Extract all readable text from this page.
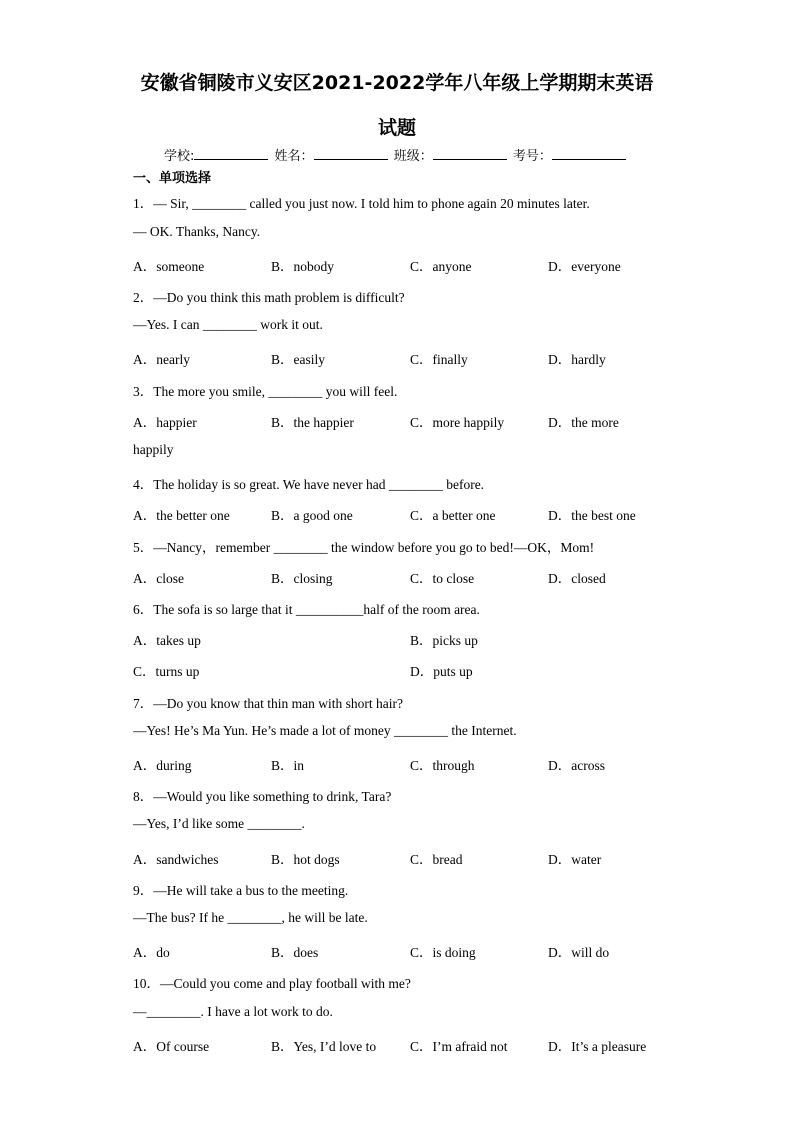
安徽省铜陵市义安区2021-2022学年八年级上学期期末英语
试题
学校:	姓名：	班级：	考号：
一、单项选择
1．— Sir, ________ called you just now. I told him to phone again 20 minutes later.
— OK. Thanks, Nancy.
A．someone	B．nobody	C．anyone	D．everyone
2．—Do you think this math problem is difficult?
—Yes. I can ________ work it out.
A．nearly	B．easily	C．finally	D．hardly
3．The more you smile, ________ you will feel.
A．happier	B．the happier	C．more happily	D．the more
happily
4．The holiday is so great. We have never had ________ before.
A．the better one	B．a good one	C．a better one	D．the best one
5．—Nancy，remember ________ the window before you go to bed!—OK，Mom!
A．close	B．closing	C．to close	D．closed
6．The sofa is so large that it __________half of the room area.
A．takes up	B．picks up
C．turns up	D．puts up
7．—Do you know that thin man with short hair?
—Yes! He’s Ma Yun. He’s made a lot of money ________ the Internet.
A．during	B．in	C．through	D．across
8．—Would you like something to drink, Tara?
—Yes, I’d like some ________.
A．sandwiches	B．hot dogs	C．bread	D．water
9．—He will take a bus to the meeting.
—The bus? If he ________, he will be late.
A．do	B．does	C．is doing	D．will do
10．—Could you come and play football with me?
—________. I have a lot work to do.
A．Of course	B．Yes, I’d love to	C．I’m afraid not	D．It’s a pleasure
